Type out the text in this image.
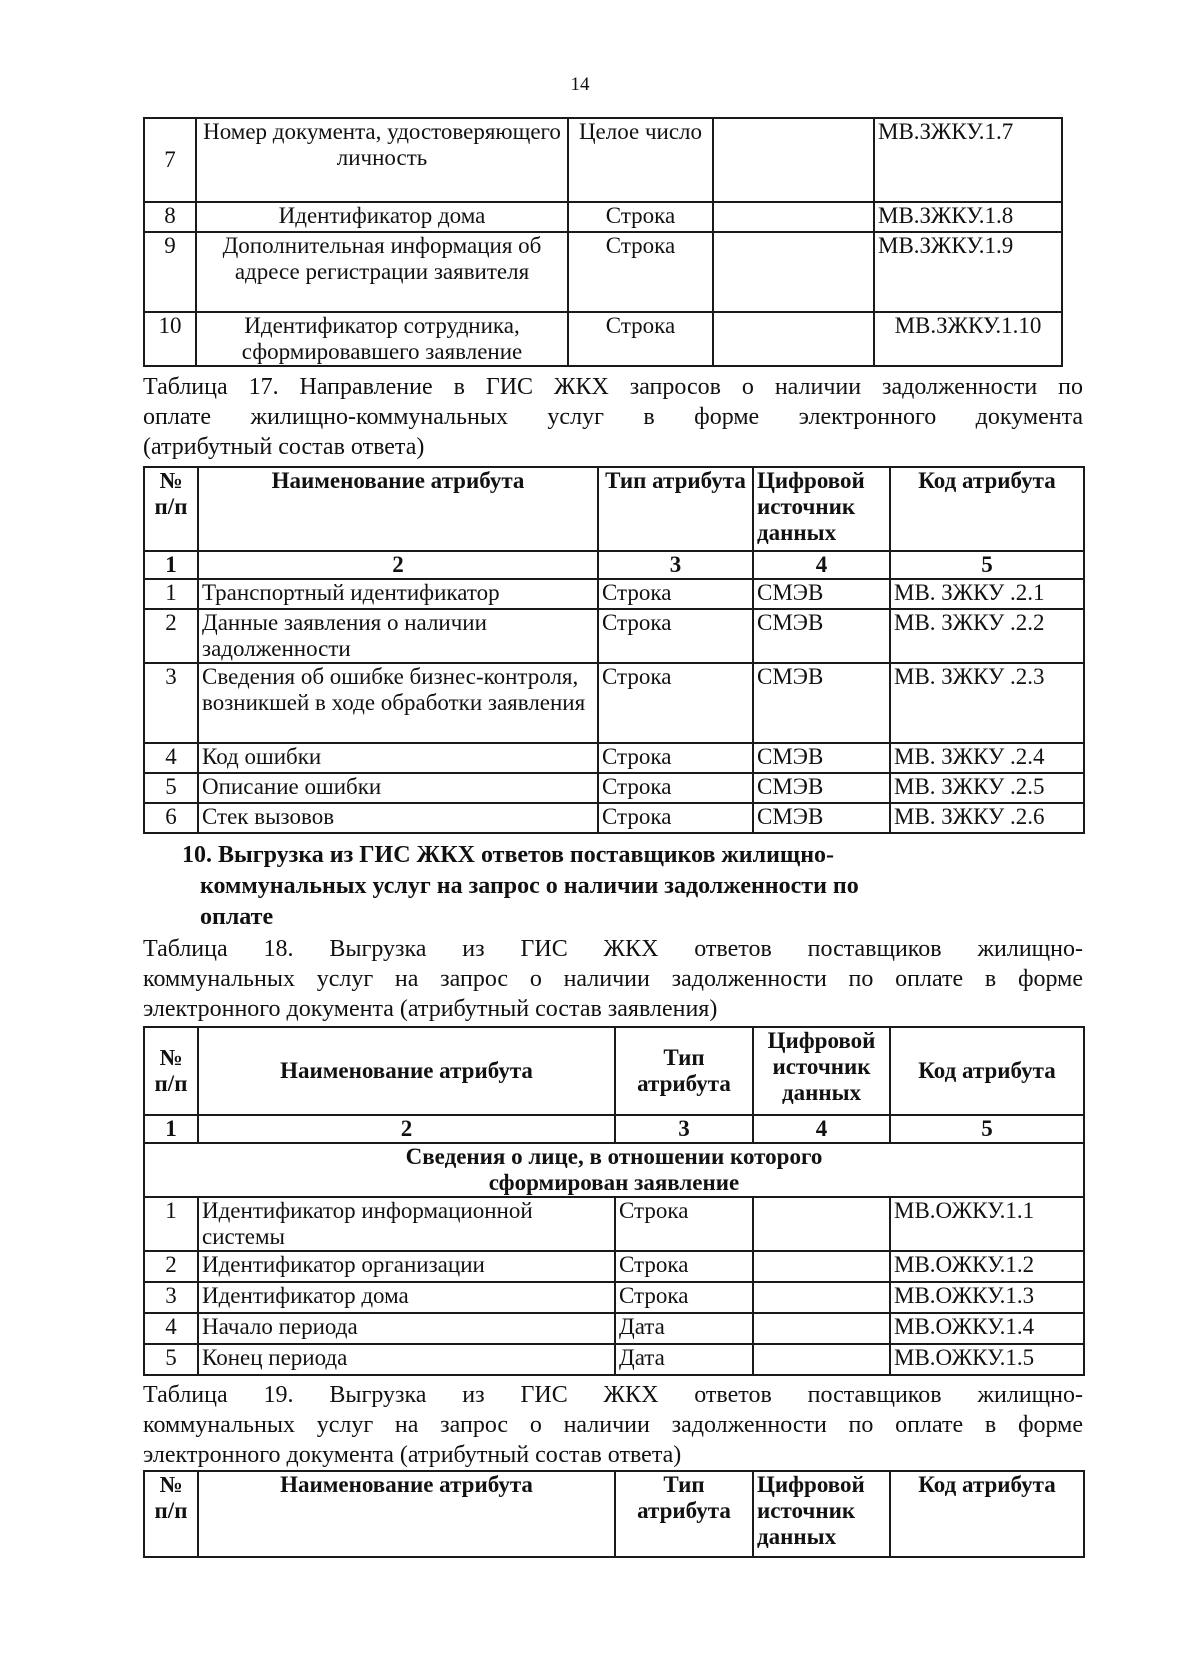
14
7	Номер документа, удостоверяющего личность	Целое число		МВ.ЗЖКУ.1.7
8	Идентификатор дома	Строка		МВ.ЗЖКУ.1.8
9	Дополнительная информация об адресе регистрации заявителя	Строка		МВ.ЗЖКУ.1.9
10	Идентификатор сотрудника, сформировавшего заявление	Строка		МВ.ЗЖКУ.1.10
Таблица 17. Направление в ГИС ЖКХ запросов о наличии задолженности по
оплате жилищно-коммунальных услуг в форме электронного документа
(атрибутный состав ответа)
№ п/п	Наименование атрибута	Тип атрибута	Цифровой источник данных	Код атрибута
1	2	3	4	5
1	Транспортный идентификатор	Строка	СМЭВ	МВ. ЗЖКУ .2.1
2	Данные заявления о наличии задолженности	Строка	СМЭВ	МВ. ЗЖКУ .2.2
3	Сведения об ошибке бизнес-контроля, возникшей в ходе обработки заявления	Строка	СМЭВ	МВ. ЗЖКУ .2.3
4	Код ошибки	Строка	СМЭВ	МВ. ЗЖКУ .2.4
5	Описание ошибки	Строка	СМЭВ	МВ. ЗЖКУ .2.5
6	Стек вызовов	Строка	СМЭВ	МВ. ЗЖКУ .2.6
10. Выгрузка из ГИС ЖКХ ответов поставщиков жилищно-
коммунальных услуг на запрос о наличии задолженности по
оплате
Таблица 18. Выгрузка из ГИС ЖКХ ответов поставщиков жилищно-
коммунальных услуг на запрос о наличии задолженности по оплате в форме
электронного документа (атрибутный состав заявления)
№ п/п	Наименование атрибута	Тип атрибута	Цифровой источник данных	Код атрибута
1	2	3	4	5
Сведения о лице, в отношении которого сформирован заявление				
1	Идентификатор информационной системы	Строка		МВ.ОЖКУ.1.1
2	Идентификатор организации	Строка		МВ.ОЖКУ.1.2
3	Идентификатор дома	Строка		МВ.ОЖКУ.1.3
4	Начало периода	Дата		МВ.ОЖКУ.1.4
5	Конец периода	Дата		МВ.ОЖКУ.1.5
Таблица 19. Выгрузка из ГИС ЖКХ ответов поставщиков жилищно-
коммунальных услуг на запрос о наличии задолженности по оплате в форме
электронного документа (атрибутный состав ответа)
№ п/п	Наименование атрибута	Тип атрибута	Цифровой источник данных	Код атрибута
